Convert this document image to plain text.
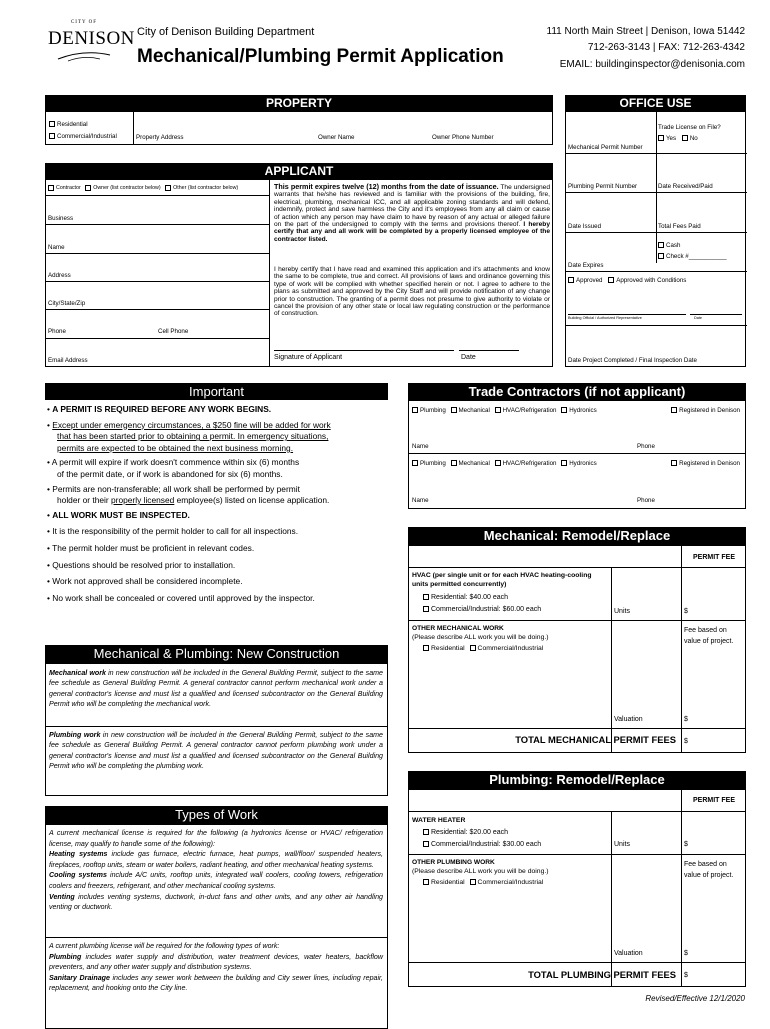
CITY OF
DENISON City of Denison Building Department
Mechanical/Plumbing Permit Application
111 North Main Street | Denison, Iowa 51442
712-263-3143 | FAX: 712-263-4342
EMAIL: buildinginspector@denisonia.com
PROPERTY
Residential
Commercial/Industrial	Property Address	Owner Name	Owner Phone Number
APPLICANT
Contractor Owner (list contractor below) Other (list contractor below)
Business
Name
Address
City/State/Zip
Phone	Cell Phone
Email Address
This permit expires twelve (12) months from the date of issuance. The undersigned warrants that he/she has reviewed and is familiar with the provisions of the building, fire, electrical, plumbing, mechanical ICC, and all applicable zoning standards and will defend, indemnify, protect and save harmless the City and it's employees from any all claim or cause of action which any person may have claim to have by reason of any actual or alleged failure on the part of the undersigned to comply with the terms and provisions thereof. I hereby certify that any and all work will be completed by a properly licensed employee of the contractor listed.
I hereby certify that I have read and examined this application and it's attachments and know the same to be complete, true and correct. All provisions of laws and ordinance governing this type of work will be complied with whether specified herein or not. I agree to adhere to the plans as submitted and approved by the City Staff and will provide notification of any change prior to construction. The granting of a permit does not presume to give authority to violate or cancel the provision of any other state or local law regulating construction or the performance of construction.
Signature of Applicant	Date
OFFICE USE
Mechanical Permit Number
Trade License on File?
Yes No
Plumbing Permit Number	Date Received/Paid
Date Issued	Total Fees Paid
Cash
Check #___________
Date Expires
Approved Approved with Conditions
Building Official / Authorized Representative	Date
Date Project Completed / Final Inspection Date
Important
• A PERMIT IS REQUIRED BEFORE ANY WORK BEGINS.
• Except under emergency circumstances, a $250 fine will be added for work
that has been started prior to obtaining a permit. In emergency situations,
permits are expected to be obtained the next business morning.
• A permit will expire if work doesn't commence within six (6) months
of the permit date, or if work is abandoned for six (6) months.
• Permits are non-transferable; all work shall be performed by permit
holder or their properly licensed employee(s) listed on license application.
• ALL WORK MUST BE INSPECTED.
• It is the responsibility of the permit holder to call for all inspections.
• The permit holder must be proficient in relevant codes.
• Questions should be resolved prior to installation.
• Work not approved shall be considered incomplete.
• No work shall be concealed or covered until approved by the inspector.
Mechanical & Plumbing: New Construction
Mechanical work in new construction will be included in the General Building Permit, subject to the same fee schedule as General Building Permit. A general contractor cannot perform mechanical work under a general contractor's license and must list a qualified and licensed subcontractor on the General Building Permit who will be completing the mechanical work.
Plumbing work in new construction will be included in the General Building Permit, subject to the same fee schedule as General Building Permit. A general contractor cannot perform plumbing work under a general contractor's license and must list a qualified and licensed subcontractor on the General Building Permit who will be completing the plumbing work.
Types of Work
A current mechanical license is required for the following (a hydronics license or HVAC/ refrigeration license, may qualify to handle some of the following):
Heating systems include gas furnace, electric furnace, heat pumps, wall/floor/ suspended heaters, fireplaces, rooftop units, steam or water boilers, radiant heating, and other mechanical heating systems.
Cooling systems include A/C units, rooftop units, integrated wall coolers, cooling towers, refrigeration coolers and freezers, refrigerant, and other mechanical cooling systems.
Venting includes venting systems, ductwork, in-duct fans and other units, and any other air handling venting or ductwork.
A current plumbing license will be required for the following types of work:
Plumbing includes water supply and distribution, water treatment devices, water heaters, backflow preventers, and any other water supply and distribution systems.
Sanitary Drainage includes any sewer work between the building and City sewer lines, including repair, replacement, and hooking onto the City line.
Trade Contractors (if not applicant)
Plumbing Mechanical HVAC/Refrigeration Hydronics	Registered in Denison
Name	Phone
Plumbing Mechanical HVAC/Refrigeration Hydronics	Registered in Denison
Name	Phone
Mechanical: Remodel/Replace
PERMIT FEE
HVAC (per single unit or for each HVAC heating-cooling units permitted concurrently)
Residential: $40.00 each
Commercial/Industrial: $60.00 each	Units	$
OTHER MECHANICAL WORK
(Please describe ALL work you will be doing.)
Residential Commercial/Industrial
Fee based on value of project.
Valuation	$
TOTAL MECHANICAL PERMIT FEES $
Plumbing: Remodel/Replace
PERMIT FEE
WATER HEATER
Residential: $20.00 each
Commercial/Industrial: $30.00 each	Units	$
OTHER PLUMBING WORK
(Please describe ALL work you will be doing.)
Residential Commercial/Industrial
Fee based on value of project.
Valuation	$
TOTAL PLUMBING PERMIT FEES $
Revised/Effective 12/1/2020
